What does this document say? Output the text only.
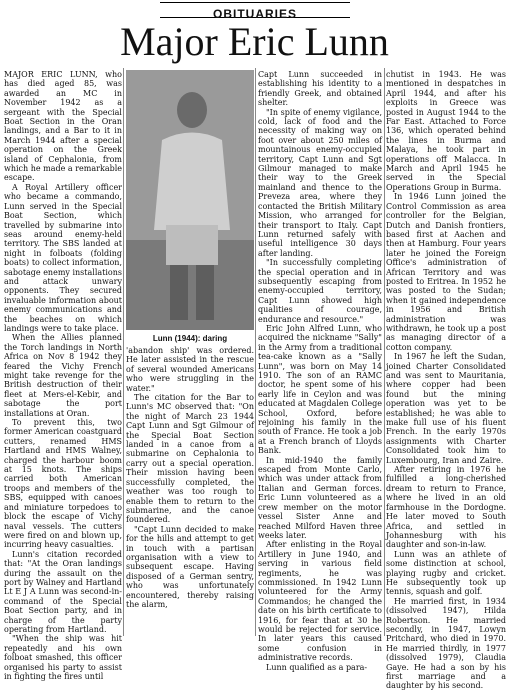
OBITUARIES
Major Eric Lunn

MAJOR ERIC LUNN, who has died aged 85, was awarded an MC in November 1942 as a sergeant with the Special Boat Section in the Oran landings, and a Bar to it in March 1944 after a special operation on the Greek island of Cephalonia, from which he made a remarkable escape.

A Royal Artillery officer who became a commando, Lunn served in the Special Boat Section, which travelled by submarine into seas around enemy-held territory. The SBS landed at night in folboats (folding boats) to collect information, sabotage enemy installations and attack unwary opponents. They secured invaluable information about enemy communications and the beaches on which landings were to take place.

When the Allies planned the Torch landings in North Africa on Nov 8 1942 they feared the Vichy French might take revenge for the British destruction of their fleet at Mers-el-Kebir, and sabotage the port installations at Oran.

To prevent this, two former American coastguard cutters, renamed HMS Hartland and HMS Walney, charged the harbour boom at 15 knots. The ships carried both American troops and members of the SBS, equipped with canoes and miniature torpedoes to block the escape of Vichy naval vessels. The cutters were fired on and blown up, incurring heavy casualties.

Lunn's citation recorded that: "At the Oran landings during the assault on the port by Walney and Hartland Lt E J A Lunn was second-in-command of the Special Boat Section party, and in charge of the party operating from Hartland.

"When the ship was hit repeatedly and his own folboat smashed, this officer organised his party to assist in fighting the fires until

Lunn (1944): daring

'abandon ship' was ordered. He later assisted in the rescue of several wounded Americans who were struggling in the water."

The citation for the Bar to Lunn's MC observed that: "On the night of March 23 1944 Capt Lunn and Sgt Gilmour of the Special Boat Section landed in a canoe from a submarine on Cephalonia to carry out a special operation. Their mission having been successfully completed, the weather was too rough to enable them to return to the submarine, and the canoe foundered.

"Capt Lunn decided to make for the hills and attempt to get in touch with a partisan organisation with a view to subsequent escape. Having disposed of a German sentry, who was unfortunately encountered, thereby raising the alarm,

Capt Lunn succeeded in establishing his identity to a friendly Greek, and obtained shelter.

"In spite of enemy vigilance, cold, lack of food and the necessity of making way on foot over about 250 miles of mountainous enemy-occupied territory, Capt Lunn and Sgt Gilmour managed to make their way to the Greek mainland and thence to the Preveza area, where they contacted the British Military Mission, who arranged for their transport to Italy. Capt Lunn returned safely with useful intelligence 30 days after landing.

"In successfully completing the special operation and in subsequently escaping from enemy-occupied territory, Capt Lunn showed high qualities of courage, endurance and resource."

Eric John Alfred Lunn, who acquired the nickname "Sally" in the Army from a traditional tea-cake known as a "Sally Lunn", was born on May 14 1910. The son of an RAMC doctor, he spent some of his early life in Ceylon and was educated at Magdalen College School, Oxford, before rejoining his family in the south of France. He took a job at a French branch of Lloyds Bank.

In mid-1940 the family escaped from Monte Carlo, which was under attack from Italian and German forces. Eric Lunn volunteered as a crew member on the motor vessel Sister Anne and reached Milford Haven three weeks later.

After enlisting in the Royal Artillery in June 1940, and serving in various field regiments, he was commissioned. In 1942 Lunn volunteered for the Army Commandos; he changed the date on his birth certificate to 1916, for fear that at 30 he would be rejected for service. In later years this caused some confusion in administrative records.

Lunn qualified as a para-

chutist in 1943. He was mentioned in despatches in April 1944, and after his exploits in Greece was posted in August 1944 to the Far East. Attached to Force 136, which operated behind the lines in Burma and Malaya, he took part in operations off Malacca. In March and April 1945 he served in the Special Operations Group in Burma.

In 1946 Lunn joined the Control Commission as area controller for the Belgian, Dutch and Danish frontiers, based first at Aachen and then at Hamburg. Four years later he joined the Foreign Office's administration of African Territory and was posted to Eritrea. In 1952 he was posted to the Sudan; when it gained independence in 1956 and British administration was withdrawn, he took up a post as managing director of a cotton company.

In 1967 he left the Sudan, joined Charter Consolidated and was sent to Mauritania, where copper had been found but the mining operation was yet to be established; he was able to make full use of his fluent French. In the early 1970s assignments with Charter Consolidated took him to Luxembourg, Iran and Zaire.

After retiring in 1976 he fulfilled a long-cherished dream to return to France, where he lived in an old farmhouse in the Dordogne. He later moved to South Africa, and settled in Johannesburg with his daughter and son-in-law.

Lunn was an athlete of some distinction at school, playing rugby and cricket. He subsequently took up tennis, squash and golf.

He married first, in 1934 (dissolved 1947), Hilda Robertson. He married secondly, in 1947, Lowyn Pritchard, who died in 1970. He married thirdly, in 1977 (dissolved 1979), Claudia Gaye. He had a son by his first marriage and a daughter by his second.
